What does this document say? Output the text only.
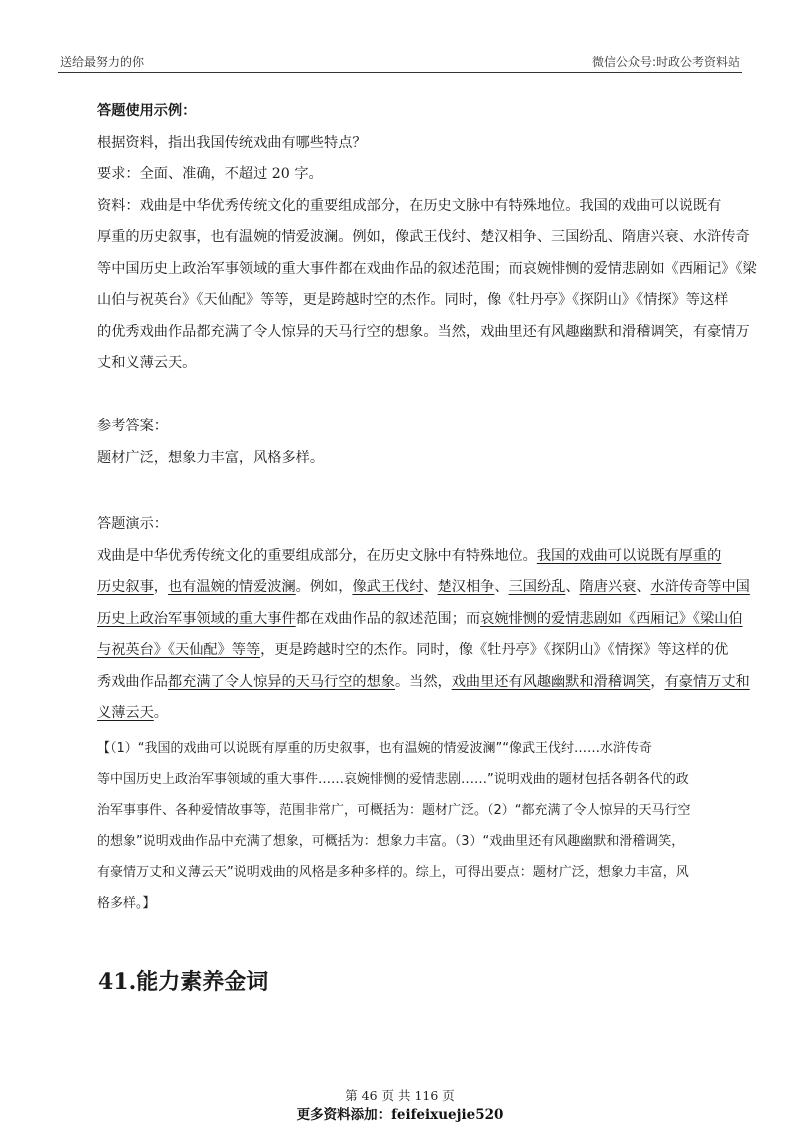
送给最努力的你	微信公众号:时政公考资料站
答题使用示例：
根据资料，指出我国传统戏曲有哪些特点？
要求：全面、准确，不超过 20 字。
资料：戏曲是中华优秀传统文化的重要组成部分，在历史文脉中有特殊地位。我国的戏曲可以说既有
厚重的历史叙事，也有温婉的情爱波澜。例如，像武王伐纣、楚汉相争、三国纷乱、隋唐兴衰、水浒传奇
等中国历史上政治军事领域的重大事件都在戏曲作品的叙述范围；而哀婉悱恻的爱情悲剧如《西厢记》《梁
山伯与祝英台》《天仙配》等等，更是跨越时空的杰作。同时，像《牡丹亭》《探阴山》《情探》等这样
的优秀戏曲作品都充满了令人惊异的天马行空的想象。当然，戏曲里还有风趣幽默和滑稽调笑，有豪情万
丈和义薄云天。
参考答案：
题材广泛，想象力丰富，风格多样。
答题演示：
戏曲是中华优秀传统文化的重要组成部分，在历史文脉中有特殊地位。我国的戏曲可以说既有厚重的
历史叙事，也有温婉的情爱波澜。例如，像武王伐纣、楚汉相争、三国纷乱、隋唐兴衰、水浒传奇等中国
历史上政治军事领域的重大事件都在戏曲作品的叙述范围；而哀婉悱恻的爱情悲剧如《西厢记》《梁山伯
与祝英台》《天仙配》等等，更是跨越时空的杰作。同时，像《牡丹亭》《探阴山》《情探》等这样的优
秀戏曲作品都充满了令人惊异的天马行空的想象。当然，戏曲里还有风趣幽默和滑稽调笑，有豪情万丈和
义薄云天。
【（1）“我国的戏曲可以说既有厚重的历史叙事，也有温婉的情爱波澜”“像武王伐纣……水浒传奇
等中国历史上政治军事领域的重大事件……哀婉悱恻的爱情悲剧……”说明戏曲的题材包括各朝各代的政
治军事事件、各种爱情故事等，范围非常广，可概括为：题材广泛。（2）“都充满了令人惊异的天马行空
的想象”说明戏曲作品中充满了想象，可概括为：想象力丰富。（3）“戏曲里还有风趣幽默和滑稽调笑，
有豪情万丈和义薄云天”说明戏曲的风格是多种多样的。综上，可得出要点：题材广泛，想象力丰富，风
格多样。】
41.能力素养金词
第 46 页 共 116 页
更多资料添加：feifeixuejie520
